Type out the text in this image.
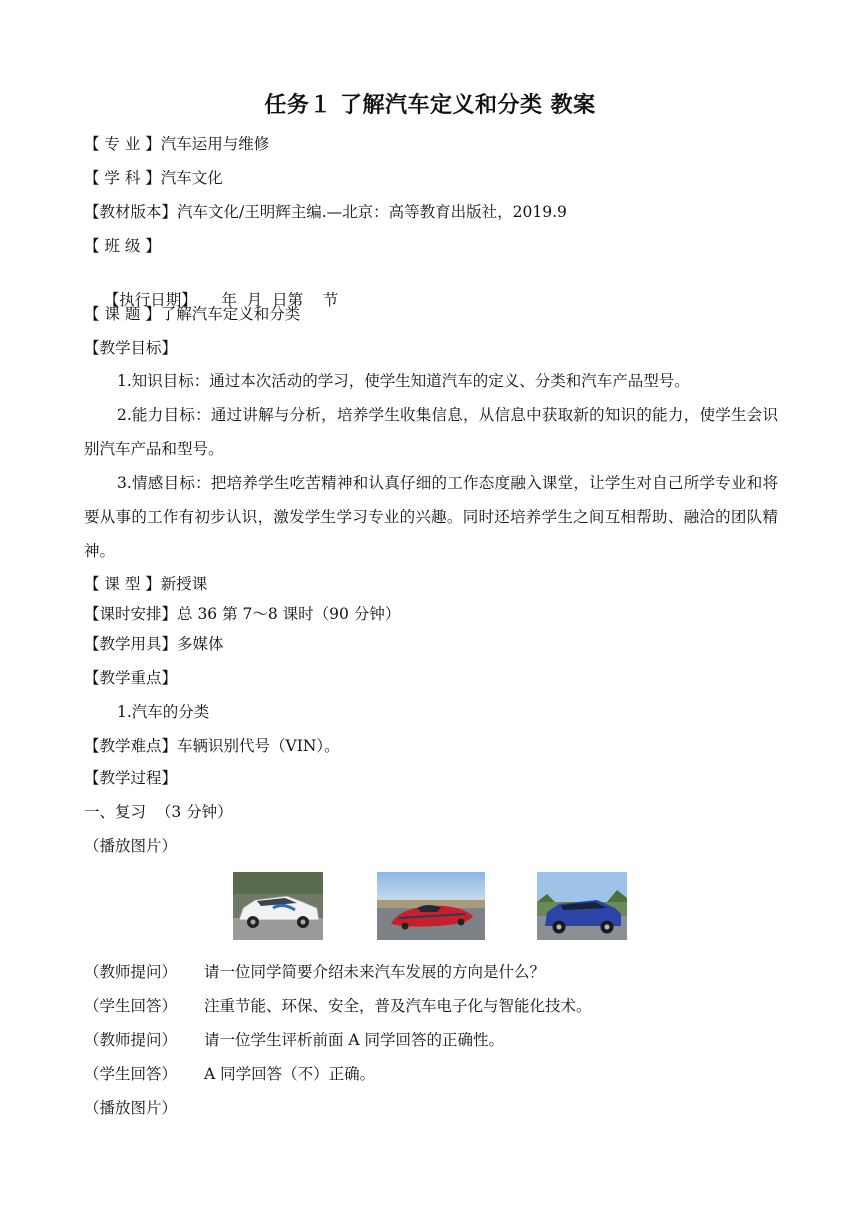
任务１ 了解汽车定义和分类 教案
【 专 业 】汽车运用与维修
【 学 科 】汽车文化
【教材版本】汽车文化/王明辉主编.—北京：高等教育出版社，2019.9
【 班 级 】

【执行日期】     年  月  日第    节

【 课 题 】了解汽车定义和分类
【教学目标】
1.知识目标：通过本次活动的学习，使学生知道汽车的定义、分类和汽车产品型号。
2.能力目标：通过讲解与分析，培养学生收集信息，从信息中获取新的知识的能力，使学生会识别汽车产品和型号。
3.情感目标：把培养学生吃苦精神和认真仔细的工作态度融入课堂，让学生对自己所学专业和将要从事的工作有初步认识，激发学生学习专业的兴趣。同时还培养学生之间互相帮助、融洽的团队精神。
【 课 型 】新授课
【课时安排】总 36 第 7～8 课时（90 分钟）
【教学用具】多媒体
【教学重点】
1.汽车的分类
【教学难点】车辆识别代号（VIN）。
【教学过程】
一、复习  （3 分钟）
（播放图片）
（教师提问） 请一位同学简要介绍未来汽车发展的方向是什么？
（学生回答） 注重节能、环保、安全，普及汽车电子化与智能化技术。
（教师提问） 请一位学生评析前面 A 同学回答的正确性。
（学生回答） A 同学回答（不）正确。
（播放图片）
